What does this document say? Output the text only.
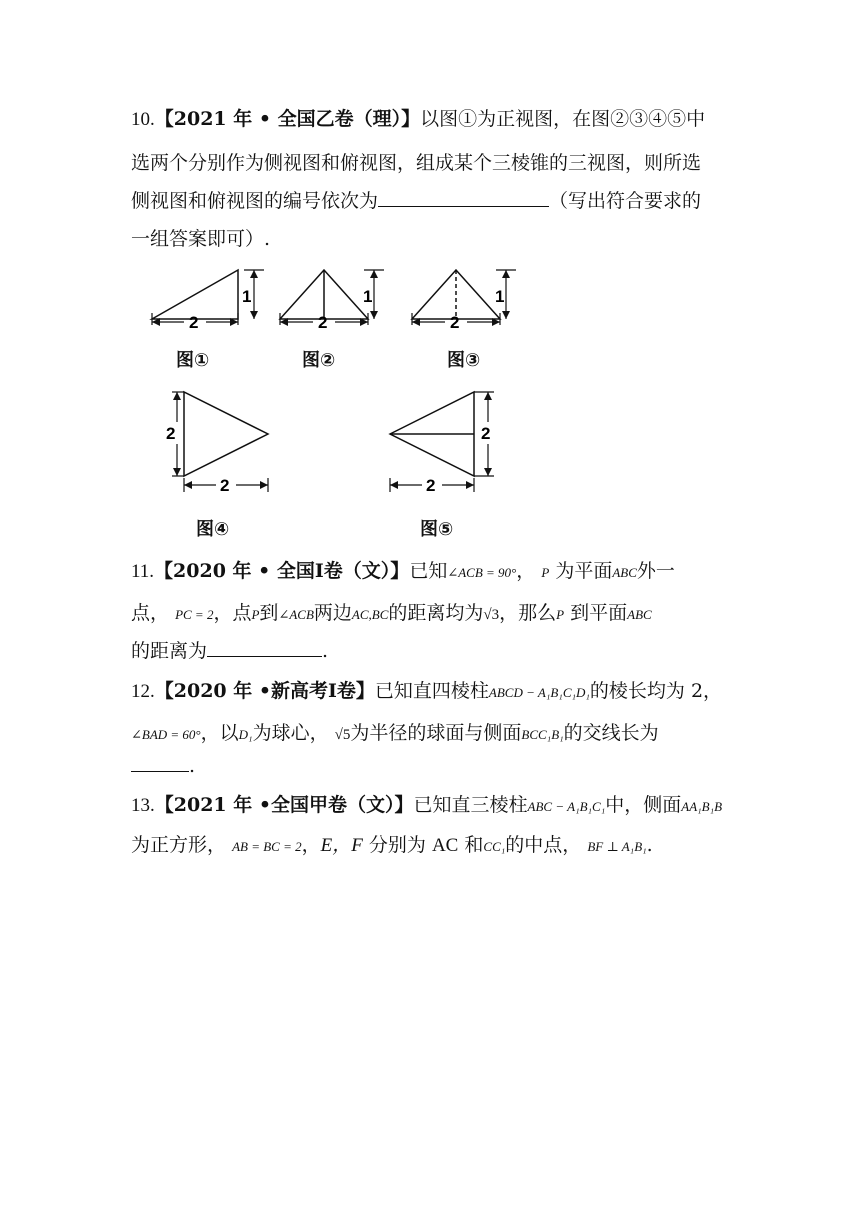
10.【2021 年 • 全国乙卷（理）】以图①为正视图，在图②③④⑤中
选两个分别作为侧视图和俯视图，组成某个三棱锥的三视图，则所选
侧视图和俯视图的编号依次为	（写出符合要求的
一组答案即可）.
1
2
图①
1
2
图②
1
2
图③
2
2
图④
2
2
图⑤
11.【2020 年 • 全国Ⅰ卷（文）】已知∠ACB = 90°， P 为平面ABC外一
点， PC = 2，点P到∠ACB两边AC,BC的距离均为√3，那么P 到平面ABC
的距离为	.
12.【2020 年 •新高考Ⅰ卷】已知直四棱柱ABCD − A₁B₁C₁D₁的棱长均为 2，
∠BAD = 60°，以D₁为球心， √5为半径的球面与侧面BCC₁B₁的交线长为
.
13.【2021 年 •全国甲卷（文）】已知直三棱柱ABC − A₁B₁C₁中，侧面AA₁B₁B
为正方形， AB = BC = 2，E，F 分别为 AC 和CC₁的中点， BF ⊥ A₁B₁.
